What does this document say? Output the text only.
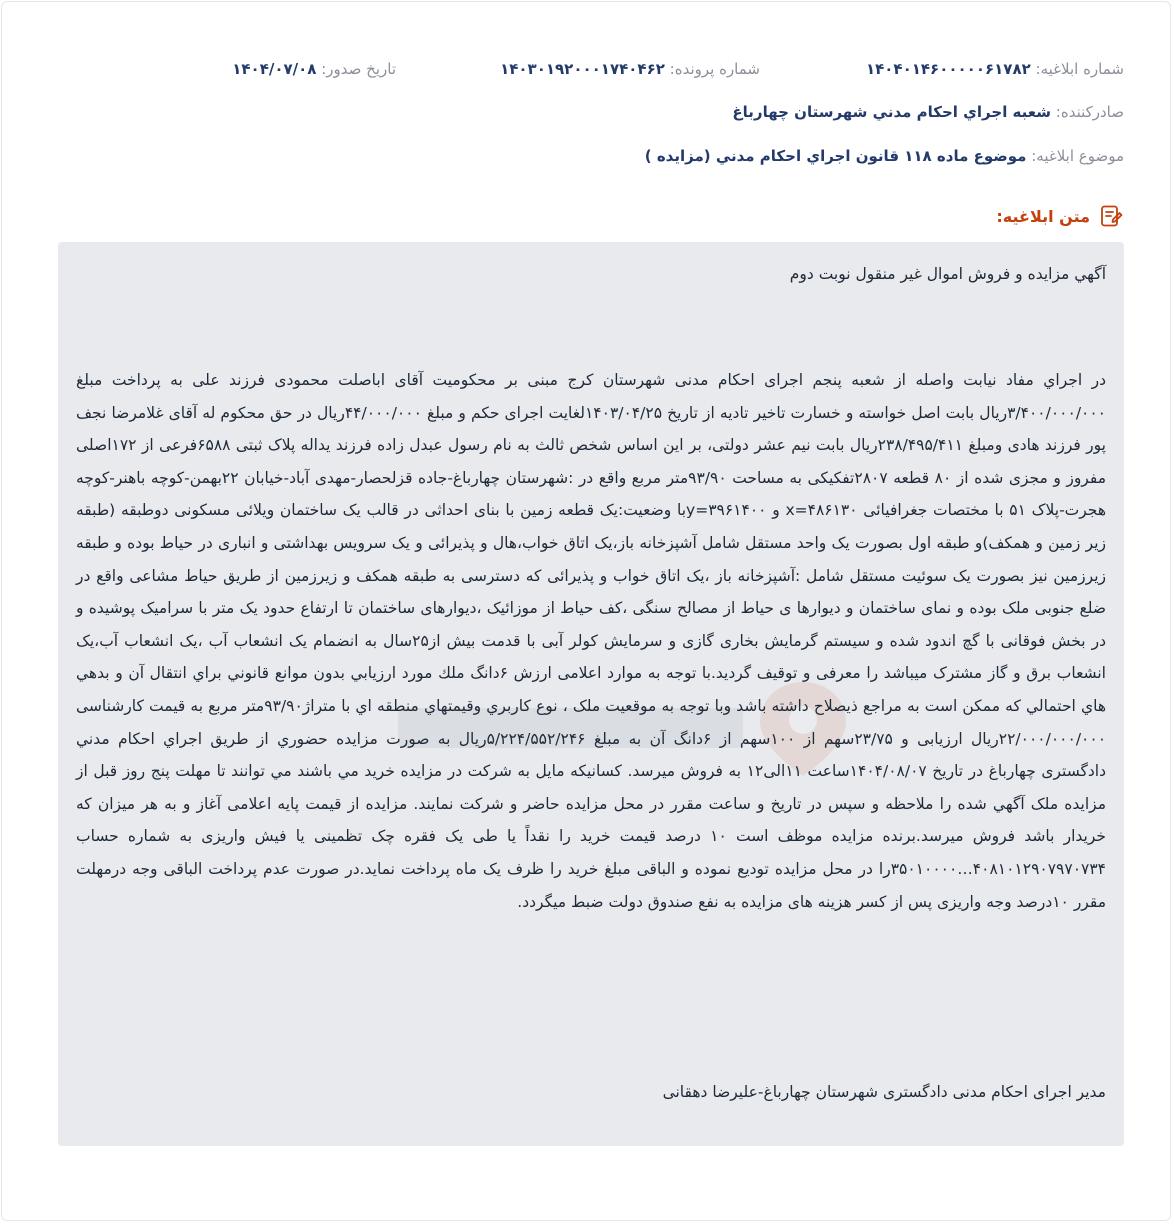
شماره ابلاغيه: ۱۴۰۴۰۱۴۶۰۰۰۰۰۶۱۷۸۲
شماره پرونده: ۱۴۰۳۰۱۹۲۰۰۰۱۷۴۰۴۶۲
تاريخ صدور: ۱۴۰۴/۰۷/۰۸
صادرکننده: شعبه اجراي احکام مدني شهرستان چهارباغ
موضوع ابلاغيه: موضوع ماده ۱۱۸ قانون اجراي احکام مدني (مزايده )
متن ابلاغيه:

آگهي مزايده و فروش اموال غير منقول نوبت دوم

در اجراي مفاد نيابت واصله از شعبه پنجم اجرای احکام مدنی شهرستان کرج مبنی بر محکوميت آقای اباصلت محمودی فرزند علی به پرداخت مبلغ ۳/۴۰۰/۰۰۰/۰۰۰ريال بابت اصل خواسته و خسارت تاخير تاديه از تاريخ ۱۴۰۳/۰۴/۲۵لغايت اجرای حکم و مبلغ ۴۴/۰۰۰/۰۰۰ريال در حق محکوم له آقای غلامرضا نجف پور فرزند هادی ومبلغ ۲۳۸/۴۹۵/۴۱۱ريال بابت نيم عشر دولتی، بر اين اساس شخص ثالث به نام رسول عبدل زاده فرزند يداله پلاک ثبتی ۶۵۸۸فرعی از ۱۷۲اصلی مفروز و مجزی شده از ۸۰ قطعه ۲۸۰۷تفکيکی به مساحت ۹۳/۹۰متر مربع واقع در :شهرستان چهارباغ-جاده قزلحصار-مهدی آباد-خيابان ۲۲بهمن-کوچه باهنر-کوچه هجرت-پلاک ۵۱ با مختصات جغرافيائی ۴۸۶۱۳۰=x و ۳۹۶۱۴۰۰=yبا وضعيت:يک قطعه زمين با بنای احداثی در قالب يک ساختمان ويلائی مسکونی دوطبقه (طبقه زير زمين و همکف)و طبقه اول بصورت يک واحد مستقل شامل آشپزخانه باز،يک اتاق خواب،هال و پذيرائی و يک سرويس بهداشتی و انباری در حياط بوده و طبقه زيرزمين نيز بصورت يک سوئيت مستقل شامل :آشپزخانه باز ،يک اتاق خواب و پذيرائی که دسترسی به طبقه همکف و زيرزمين از طريق حياط مشاعی واقع در ضلع جنوبی ملک بوده و نمای ساختمان و ديوارها ی حياط از مصالح سنگی ،کف حياط از موزائيک ،ديوارهای ساختمان تا ارتفاع حدود يک متر با سراميک پوشيده و در بخش فوقانی با گچ اندود شده و سيستم گرمايش بخاری گازی و سرمايش کولر آبی با قدمت بيش از۲۵سال به انضمام يک انشعاب آب ،يک انشعاب آب،يک انشعاب برق و گاز مشترک ميباشد را معرفی و توقيف گرديد.با توجه به موارد اعلامی ارزش ۶دانگ ملك مورد ارزيابي بدون موانع قانوني براي انتقال آن و بدهي هاي احتمالي كه ممكن است به مراجع ذيصلاح داشته باشد وبا توجه به موقعيت ملک ، نوع كاربري وقيمتهاي منطقه اي با متراژ۹۳/۹۰متر مربع به قيمت کارشناسی ۲۲/۰۰۰/۰۰۰/۰۰۰ريال ارزيابی و ۲۳/۷۵سهم از ۱۰۰سهم از ۶دانگ آن به مبلغ ۵/۲۲۴/۵۵۲/۲۴۶ريال به صورت مزايده حضوري از طريق اجراي احكام مدني دادگستری چهارباغ در تاريخ ۱۴۰۴/۰۸/۰۷ساعت ۱۱الی۱۲ به فروش ميرسد. كسانيكه مايل به شركت در مزايده خريد مي باشند مي توانند تا مهلت پنج روز قبل از مزايده ملک آگهي شده را ملاحظه و سپس در تاريخ و ساعت مقرر در محل مزايده حاضر و شركت نمايند. مزايده از قيمت پايه اعلامی آغاز و به هر ميزان که خريدار باشد فروش ميرسد.برنده مزايده موظف است ۱۰ درصد قيمت خريد را نقداً يا طی يک فقره چک تظمينی يا فيش واريزی به شماره حساب ۴۰۸۱۰۱۲۹۰۷۹۷۰۷۳۴…۳۵۰۱۰۰۰۰را در محل مزايده توديع نموده و الباقی مبلغ خريد را ظرف يک ماه پرداخت نمايد.در صورت عدم پرداخت الباقی وجه درمهلت مقرر ۱۰درصد وجه واريزی پس از کسر هزينه های مزايده به نفع صندوق دولت ضبط ميگردد.

مدير اجرای احکام مدنی دادگستری شهرستان چهارباغ-عليرضا دهقانی
